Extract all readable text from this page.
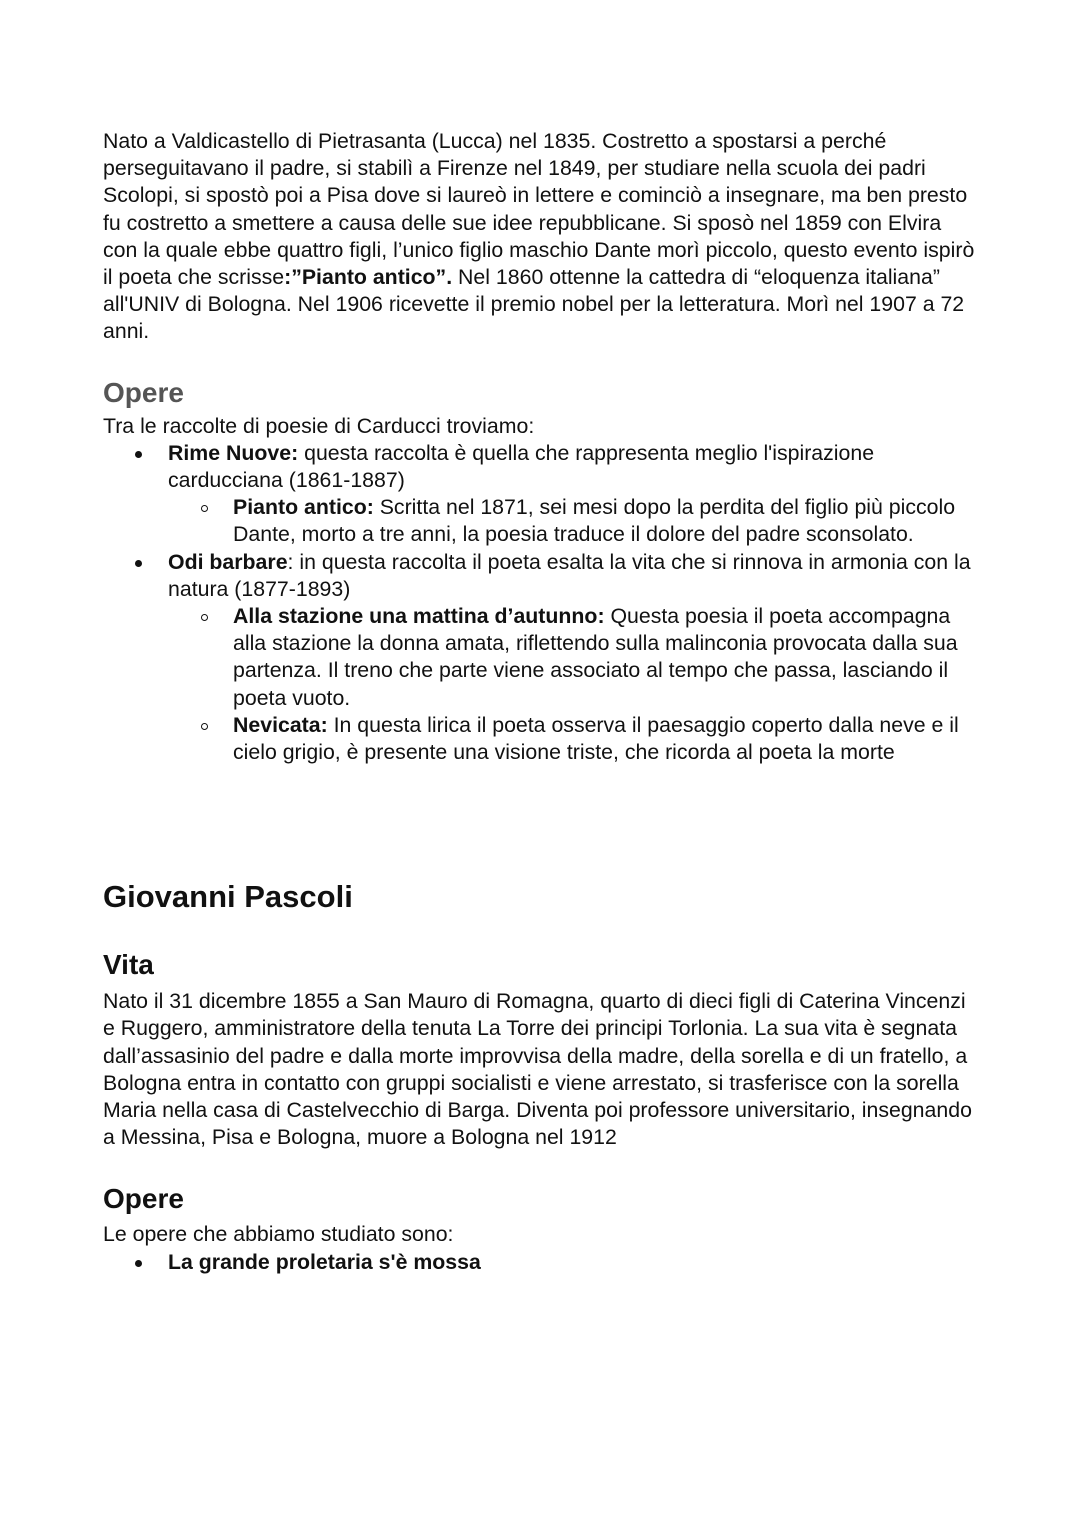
Nato a Valdicastello di Pietrasanta (Lucca) nel 1835. Costretto a spostarsi a perché perseguitavano il padre, si stabilì a Firenze nel 1849, per studiare nella scuola dei padri Scolopi, si spostò poi a Pisa dove si laureò in lettere e cominciò a insegnare, ma ben presto fu costretto a smettere a causa delle sue idee repubblicane. Si sposò nel 1859 con Elvira con la quale ebbe quattro figli, l’unico figlio maschio Dante morì piccolo, questo evento ispirò il poeta che scrisse:”Pianto antico”. Nel 1860 ottenne la cattedra di “eloquenza italiana” all'UNIV di Bologna. Nel 1906 ricevette il premio nobel per la letteratura. Morì nel 1907 a 72 anni.

Opere

Tra le raccolte di poesie di Carducci troviamo:

Rime Nuove: questa raccolta è quella che rappresenta meglio l'ispirazione carducciana (1861-1887)
Pianto antico: Scritta nel 1871, sei mesi dopo la perdita del figlio più piccolo Dante, morto a tre anni, la poesia traduce il dolore del padre sconsolato.
Odi barbare: in questa raccolta il poeta esalta la vita che si rinnova in armonia con la natura (1877-1893)
Alla stazione una mattina d’autunno: Questa poesia il poeta accompagna alla stazione la donna amata, riflettendo sulla malinconia provocata dalla sua partenza. Il treno che parte viene associato al tempo che passa, lasciando il poeta vuoto.
Nevicata: In questa lirica il poeta osserva il paesaggio coperto dalla neve e il cielo grigio, è presente una visione triste, che ricorda al poeta la morte
Giovanni Pascoli
Vita

Nato il 31 dicembre 1855 a San Mauro di Romagna, quarto di dieci figli di Caterina Vincenzi e Ruggero, amministratore della tenuta La Torre dei principi Torlonia. La sua vita è segnata dall’assasinio del padre e dalla morte improvvisa della madre, della sorella e di un fratello, a Bologna entra in contatto con gruppi socialisti e viene arrestato, si trasferisce con la sorella Maria nella casa di Castelvecchio di Barga. Diventa poi professore universitario, insegnando a Messina, Pisa e Bologna, muore a Bologna nel 1912

Opere

Le opere che abbiamo studiato sono:

La grande proletaria s'è mossa
